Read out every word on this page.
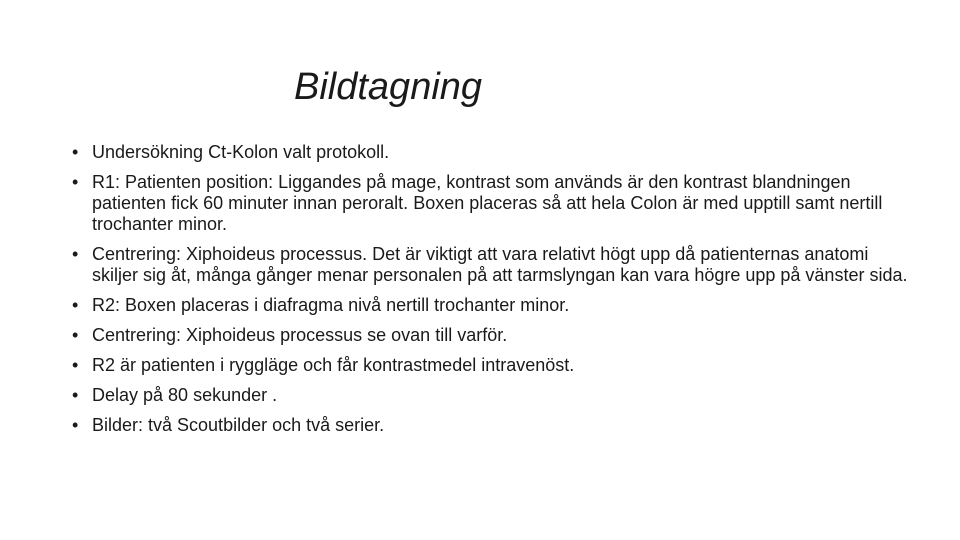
Bildtagning
• Undersökning Ct-Kolon valt protokoll.
• R1: Patienten position: Liggandes på mage, kontrast som används är den kontrast blandningen patienten fick 60 minuter innan peroralt. Boxen placeras så att hela Colon är med upptill samt nertill trochanter minor.
• Centrering: Xiphoideus processus. Det är viktigt att vara relativt högt upp då patienternas anatomi skiljer sig åt, många gånger menar personalen på att tarmslyngan kan vara högre upp på vänster sida.
• R2: Boxen placeras i diafragma nivå nertill trochanter minor.
• Centrering: Xiphoideus processus se ovan till varför.
• R2 är patienten i ryggläge och får kontrastmedel intravenöst.
• Delay på 80 sekunder .
• Bilder: två Scoutbilder och två serier.
